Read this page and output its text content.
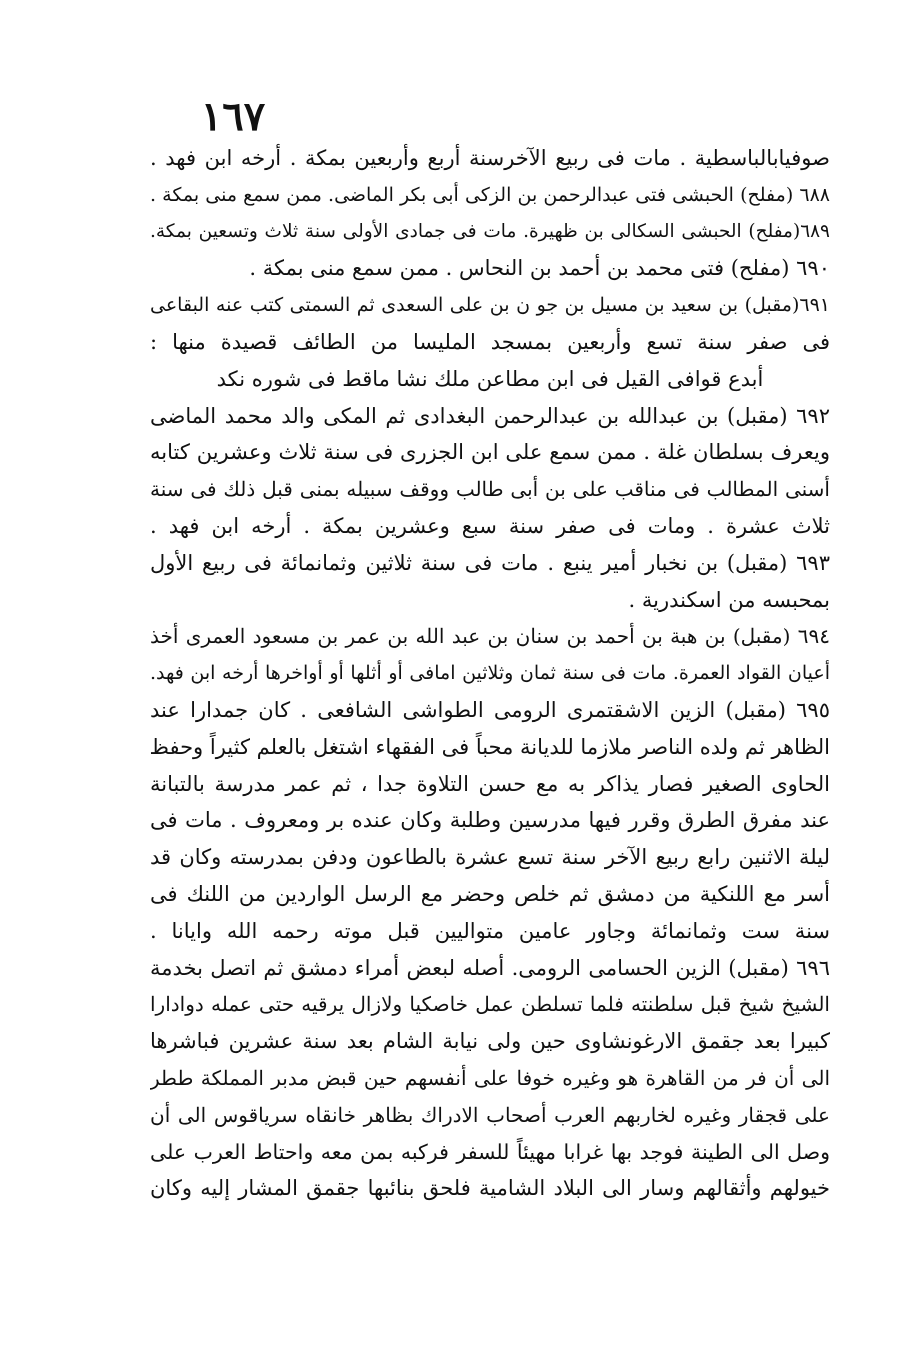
١٦٧
صوفيابالباسطية . مات فى ربيع الآخرسنة أربع وأربعين بمكة . أرخه ابن فهد .
٦٨٨ (مفلح) الحبشى فتى عبدالرحمن بن الزكى أبى بكر الماضى. ممن سمع منى بمكة .
٦٨٩(مفلح) الحبشى السكالى بن ظهيرة. مات فى جمادى الأولى سنة ثلاث وتسعين بمكة.
٦٩٠ (مفلح) فتى محمد بن أحمد بن النحاس . ممن سمع منى بمكة .
٦٩١(مقبل) بن سعيد بن مسيل بن جو ن بن على السعدى ثم السمتى كتب عنه البقاعى
فى صفر سنة تسع وأربعين بمسجد المليسا من الطائف قصيدة منها :
أبدع قوافى القيل فى ابن مطاعن ملك نشا ماقط فى شوره نكد
٦٩٢ (مقبل) بن عبدالله بن عبدالرحمن البغدادى ثم المكى والد محمد الماضى
ويعرف بسلطان غلة . ممن سمع على ابن الجزرى فى سنة ثلاث وعشرين كتابه
أسنى المطالب فى مناقب على بن أبى طالب ووقف سبيله بمنى قبل ذلك فى سنة
ثلاث عشرة . ومات فى صفر سنة سبع وعشرين بمكة . أرخه ابن فهد .
٦٩٣ (مقبل) بن نخبار أمير ينبع . مات فى سنة ثلاثين وثمانمائة فى ربيع الأول
بمحبسه من اسكندرية .
٦٩٤ (مقبل) بن هبة بن أحمد بن سنان بن عبد الله بن عمر بن مسعود العمرى أخذ
أعيان القواد العمرة. مات فى سنة ثمان وثلاثين امافى أو أثلها أو أواخرها أرخه ابن فهد.
٦٩٥ (مقبل) الزين الاشقتمرى الرومى الطواشى الشافعى . كان جمدارا عند
الظاهر ثم ولده الناصر ملازما للديانة محباً فى الفقهاء اشتغل بالعلم كثيراً وحفظ
الحاوى الصغير فصار يذاكر به مع حسن التلاوة جدا ، ثم عمر مدرسة بالتبانة
عند مفرق الطرق وقرر فيها مدرسين وطلبة وكان عنده بر ومعروف . مات فى
ليلة الاثنين رابع ربيع الآخر سنة تسع عشرة بالطاعون ودفن بمدرسته وكان قد
أسر مع اللنكية من دمشق ثم خلص وحضر مع الرسل الواردين من اللنك فى
سنة ست وثمانمائة وجاور عامين متواليين قبل موته رحمه الله وايانا .
٦٩٦ (مقبل) الزين الحسامى الرومى. أصله لبعض أمراء دمشق ثم اتصل بخدمة
الشيخ شيخ قبل سلطنته فلما تسلطن عمل خاصكيا ولازال يرقيه حتى عمله دوادارا
كبيرا بعد جقمق الارغونشاوى حين ولى نيابة الشام بعد سنة عشرين فباشرها
الى أن فر من القاهرة هو وغيره خوفا على أنفسهم حين قبض مدبر المملكة ططر
على قجقار وغيره لخاربهم العرب أصحاب الادراك بظاهر خانقاه سرياقوس الى أن
وصل الى الطينة فوجد بها غرابا مهيئاً للسفر فركبه بمن معه واحتاط العرب على
خيولهم وأثقالهم وسار الى البلاد الشامية فلحق بنائبها جقمق المشار إليه وكان
